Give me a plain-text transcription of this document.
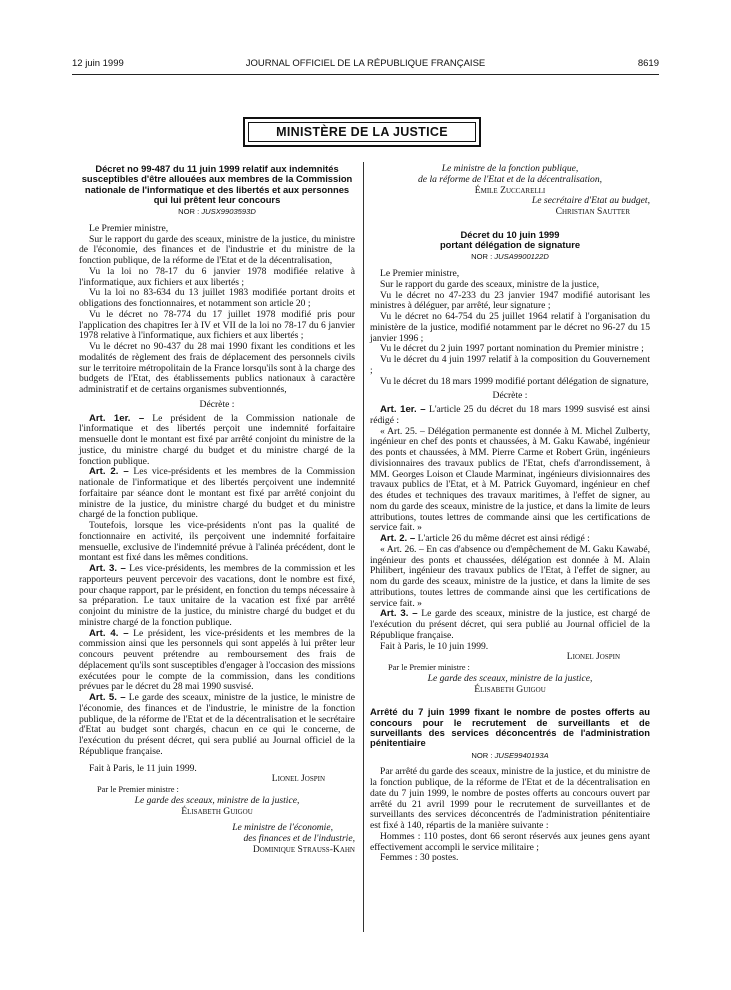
12 juin 1999	JOURNAL OFFICIEL DE LA RÉPUBLIQUE FRANÇAISE	8619
MINISTÈRE DE LA JUSTICE

Décret no 99-487 du 11 juin 1999 relatif aux indemnités susceptibles d'être allouées aux membres de la Commission nationale de l'informatique et des libertés et aux personnes qui lui prêtent leur concours

NOR : JUSX9903593D

Le Premier ministre,

Sur le rapport du garde des sceaux, ministre de la justice, du ministre de l'économie, des finances et de l'industrie et du ministre de la fonction publique, de la réforme de l'Etat et de la décentralisation,

Vu la loi no 78-17 du 6 janvier 1978 modifiée relative à l'informatique, aux fichiers et aux libertés ;

Vu la loi no 83-634 du 13 juillet 1983 modifiée portant droits et obligations des fonctionnaires, et notamment son article 20 ;

Vu le décret no 78-774 du 17 juillet 1978 modifié pris pour l'application des chapitres Ier à IV et VII de la loi no 78-17 du 6 janvier 1978 relative à l'informatique, aux fichiers et aux libertés ;

Vu le décret no 90-437 du 28 mai 1990 fixant les conditions et les modalités de règlement des frais de déplacement des personnels civils sur le territoire métropolitain de la France lorsqu'ils sont à la charge des budgets de l'Etat, des établissements publics nationaux à caractère administratif et de certains organismes subventionnés,

Décrète :

Art. 1er. – Le président de la Commission nationale de l'informatique et des libertés perçoit une indemnité forfaitaire mensuelle dont le montant est fixé par arrêté conjoint du ministre de la justice, du ministre chargé du budget et du ministre chargé de la fonction publique.

Art. 2. – Les vice-présidents et les membres de la Commission nationale de l'informatique et des libertés perçoivent une indemnité forfaitaire par séance dont le montant est fixé par arrêté conjoint du ministre de la justice, du ministre chargé du budget et du ministre chargé de la fonction publique.

Toutefois, lorsque les vice-présidents n'ont pas la qualité de fonctionnaire en activité, ils perçoivent une indemnité forfaitaire mensuelle, exclusive de l'indemnité prévue à l'alinéa précédent, dont le montant est fixé dans les mêmes conditions.

Art. 3. – Les vice-présidents, les membres de la commission et les rapporteurs peuvent percevoir des vacations, dont le nombre est fixé, pour chaque rapport, par le président, en fonction du temps nécessaire à sa préparation. Le taux unitaire de la vacation est fixé par arrêté conjoint du ministre de la justice, du ministre chargé du budget et du ministre chargé de la fonction publique.

Art. 4. – Le président, les vice-présidents et les membres de la commission ainsi que les personnels qui sont appelés à lui prêter leur concours peuvent prétendre au remboursement des frais de déplacement qu'ils sont susceptibles d'engager à l'occasion des missions exécutées pour le compte de la commission, dans les conditions prévues par le décret du 28 mai 1990 susvisé.

Art. 5. – Le garde des sceaux, ministre de la justice, le ministre de l'économie, des finances et de l'industrie, le ministre de la fonction publique, de la réforme de l'Etat et de la décentralisation et le secrétaire d'Etat au budget sont chargés, chacun en ce qui le concerne, de l'exécution du présent décret, qui sera publié au Journal officiel de la République française.

Fait à Paris, le 11 juin 1999.

Lionel Jospin

Par le Premier ministre :

Le garde des sceaux, ministre de la justice,

Élisabeth Guigou

Le ministre de l'économie,

des finances et de l'industrie,

Dominique Strauss-Kahn

Le ministre de la fonction publique,

de la réforme de l'Etat et de la décentralisation,

Émile Zuccarelli

Le secrétaire d'Etat au budget,

Christian Sautter

Décret du 10 juin 1999

portant délégation de signature

NOR : JUSA9900122D

Le Premier ministre,

Sur le rapport du garde des sceaux, ministre de la justice,

Vu le décret no 47-233 du 23 janvier 1947 modifié autorisant les ministres à déléguer, par arrêté, leur signature ;

Vu le décret no 64-754 du 25 juillet 1964 relatif à l'organisation du ministère de la justice, modifié notamment par le décret no 96-27 du 15 janvier 1996 ;

Vu le décret du 2 juin 1997 portant nomination du Premier ministre ;

Vu le décret du 4 juin 1997 relatif à la composition du Gouvernement ;

Vu le décret du 18 mars 1999 modifié portant délégation de signature,

Décrète :

Art. 1er. – L'article 25 du décret du 18 mars 1999 susvisé est ainsi rédigé :

« Art. 25. – Délégation permanente est donnée à M. Michel Zulberty, ingénieur en chef des ponts et chaussées, à M. Gaku Kawabé, ingénieur des ponts et chaussées, à MM. Pierre Carme et Robert Grün, ingénieurs divisionnaires des travaux publics de l'Etat, chefs d'arrondissement, à MM. Georges Loison et Claude Marminat, ingénieurs divisionnaires des travaux publics de l'Etat, et à M. Patrick Guyomard, ingénieur en chef des études et techniques des travaux maritimes, à l'effet de signer, au nom du garde des sceaux, ministre de la justice, et dans la limite de leurs attributions, toutes lettres de commande ainsi que les certifications de service fait. »

Art. 2. – L'article 26 du même décret est ainsi rédigé :

« Art. 26. – En cas d'absence ou d'empêchement de M. Gaku Kawabé, ingénieur des ponts et chaussées, délégation est donnée à M. Alain Philibert, ingénieur des travaux publics de l'Etat, à l'effet de signer, au nom du garde des sceaux, ministre de la justice, et dans la limite de ses attributions, toutes lettres de commande ainsi que les certifications de service fait. »

Art. 3. – Le garde des sceaux, ministre de la justice, est chargé de l'exécution du présent décret, qui sera publié au Journal officiel de la République française.

Fait à Paris, le 10 juin 1999.

Lionel Jospin

Par le Premier ministre :

Le garde des sceaux, ministre de la justice,

Élisabeth Guigou

Arrêté du 7 juin 1999 fixant le nombre de postes offerts au concours pour le recrutement de surveillants et de surveillants des services déconcentrés de l'administration pénitentiaire

NOR : JUSE9940193A

Par arrêté du garde des sceaux, ministre de la justice, et du ministre de la fonction publique, de la réforme de l'Etat et de la décentralisation en date du 7 juin 1999, le nombre de postes offerts au concours ouvert par arrêté du 21 avril 1999 pour le recrutement de surveillantes et de surveillants des services déconcentrés de l'administration pénitentiaire est fixé à 140, répartis de la manière suivante :

Hommes : 110 postes, dont 66 seront réservés aux jeunes gens ayant effectivement accompli le service militaire ;

Femmes : 30 postes.
